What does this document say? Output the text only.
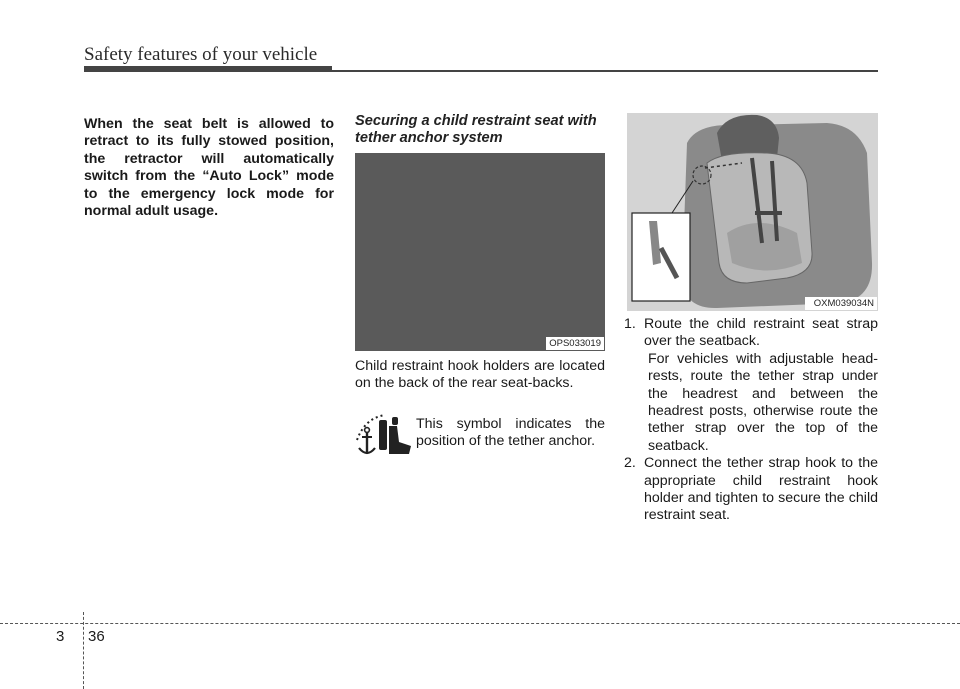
Safety features of your vehicle
When the seat belt is allowed to retract to its fully stowed position, the retractor will automatically switch from the “Auto Lock” mode to the emergency lock mode for normal adult usage.
Securing a child restraint seat with tether anchor system
OPS033019
Child restraint hook holders are located on the back of the rear seat-backs.
This symbol indicates the position of the tether anchor.
OXM039034N
1. Route the child restraint seat strap over the seatback.
For vehicles with adjustable head-rests, route the tether strap under the headrest and between the headrest posts, otherwise route the tether strap over the top of the seatback.
2. Connect the tether strap hook to the appropriate child restraint hook holder and tighten to secure the child restraint seat.
3 36
